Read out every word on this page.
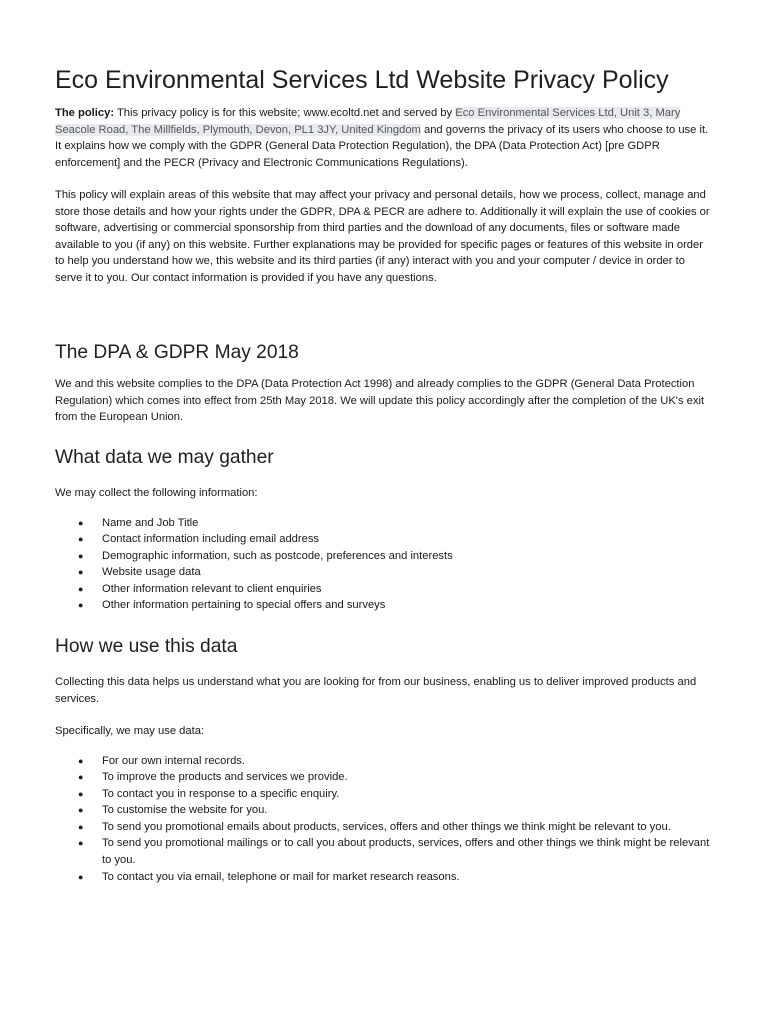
Eco Environmental Services Ltd Website Privacy Policy

The policy: This privacy policy is for this website; www.ecoltd.net and served by Eco Environmental Services Ltd, Unit 3, Mary Seacole Road, The Millfields, Plymouth, Devon, PL1 3JY, United Kingdom and governs the privacy of its users who choose to use it. It explains how we comply with the GDPR (General Data Protection Regulation), the DPA (Data Protection Act) [pre GDPR enforcement] and the PECR (Privacy and Electronic Communications Regulations).

This policy will explain areas of this website that may affect your privacy and personal details, how we process, collect, manage and store those details and how your rights under the GDPR, DPA & PECR are adhere to. Additionally it will explain the use of cookies or software, advertising or commercial sponsorship from third parties and the download of any documents, files or software made available to you (if any) on this website. Further explanations may be provided for specific pages or features of this website in order to help you understand how we, this website and its third parties (if any) interact with you and your computer / device in order to serve it to you. Our contact information is provided if you have any questions.

The DPA & GDPR May 2018

We and this website complies to the DPA (Data Protection Act 1998) and already complies to the GDPR (General Data Protection Regulation) which comes into effect from 25th May 2018. We will update this policy accordingly after the completion of the UK's exit from the European Union.

What data we may gather

We may collect the following information:

● Name and Job Title
● Contact information including email address
● Demographic information, such as postcode, preferences and interests
● Website usage data
● Other information relevant to client enquiries
● Other information pertaining to special offers and surveys
How we use this data

Collecting this data helps us understand what you are looking for from our business, enabling us to deliver improved products and services.

Specifically, we may use data:

● For our own internal records.
● To improve the products and services we provide.
● To contact you in response to a specific enquiry.
● To customise the website for you.
● To send you promotional emails about products, services, offers and other things we think might be relevant to you.
● To send you promotional mailings or to call you about products, services, offers and other things we think might be relevant to you.
● To contact you via email, telephone or mail for market research reasons.
